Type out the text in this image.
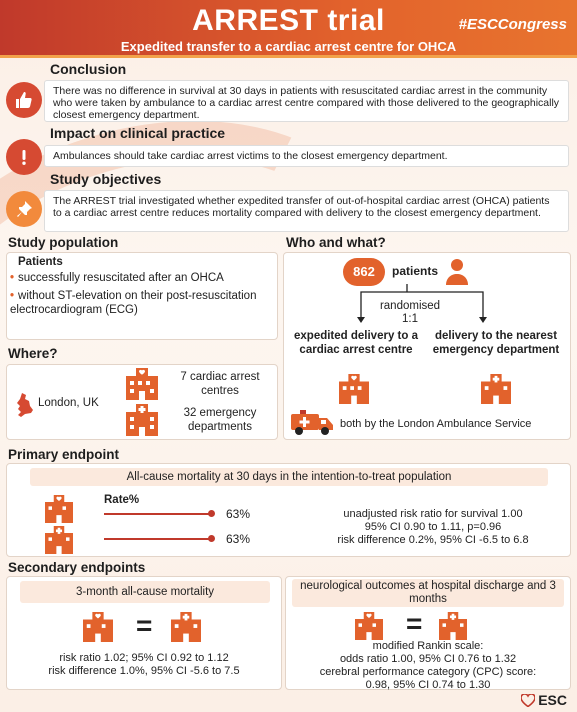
ARREST trial	#ESCCongress
Expedited transfer to a cardiac arrest centre for OHCA
Conclusion
There was no difference in survival at 30 days in patients with resuscitated cardiac arrest in the community who were taken by ambulance to a cardiac arrest centre compared with those delivered to the geographically closest emergency department.
Impact on clinical practice
Ambulances should take cardiac arrest victims to the closest emergency department.
Study objectives
The ARREST trial investigated whether expedited transfer of out-of-hospital cardiac arrest (OHCA) patients to a cardiac arrest centre reduces mortality compared with delivery to the closest emergency department.
Study population
Patients
• successfully resuscitated after an OHCA
• without ST-elevation on their post-resuscitation electrocardiogram (ECG)
Where?
London, UK
7 cardiac arrest centres
32 emergency departments
Who and what?
862	patients
randomised
1:1
expedited delivery to a cardiac arrest centre
delivery to the nearest emergency department
both by the London Ambulance Service
Primary endpoint
All-cause mortality at 30 days in the intention-to-treat population
Rate%
63%
63%
unadjusted risk ratio for survival 1.00
95% CI 0.90 to 1.11, p=0.96
risk difference 0.2%, 95% CI -6.5 to 6.8
Secondary endpoints
3-month all-cause mortality
=
risk ratio 1.02; 95% CI 0.92 to 1.12
risk difference 1.0%, 95% CI -5.6 to 7.5
neurological outcomes at hospital discharge and 3 months
=
modified Rankin scale:
odds ratio 1.00, 95% CI 0.76 to 1.32
cerebral performance category (CPC) score:
0.98, 95% CI 0.74 to 1.30
ESC
